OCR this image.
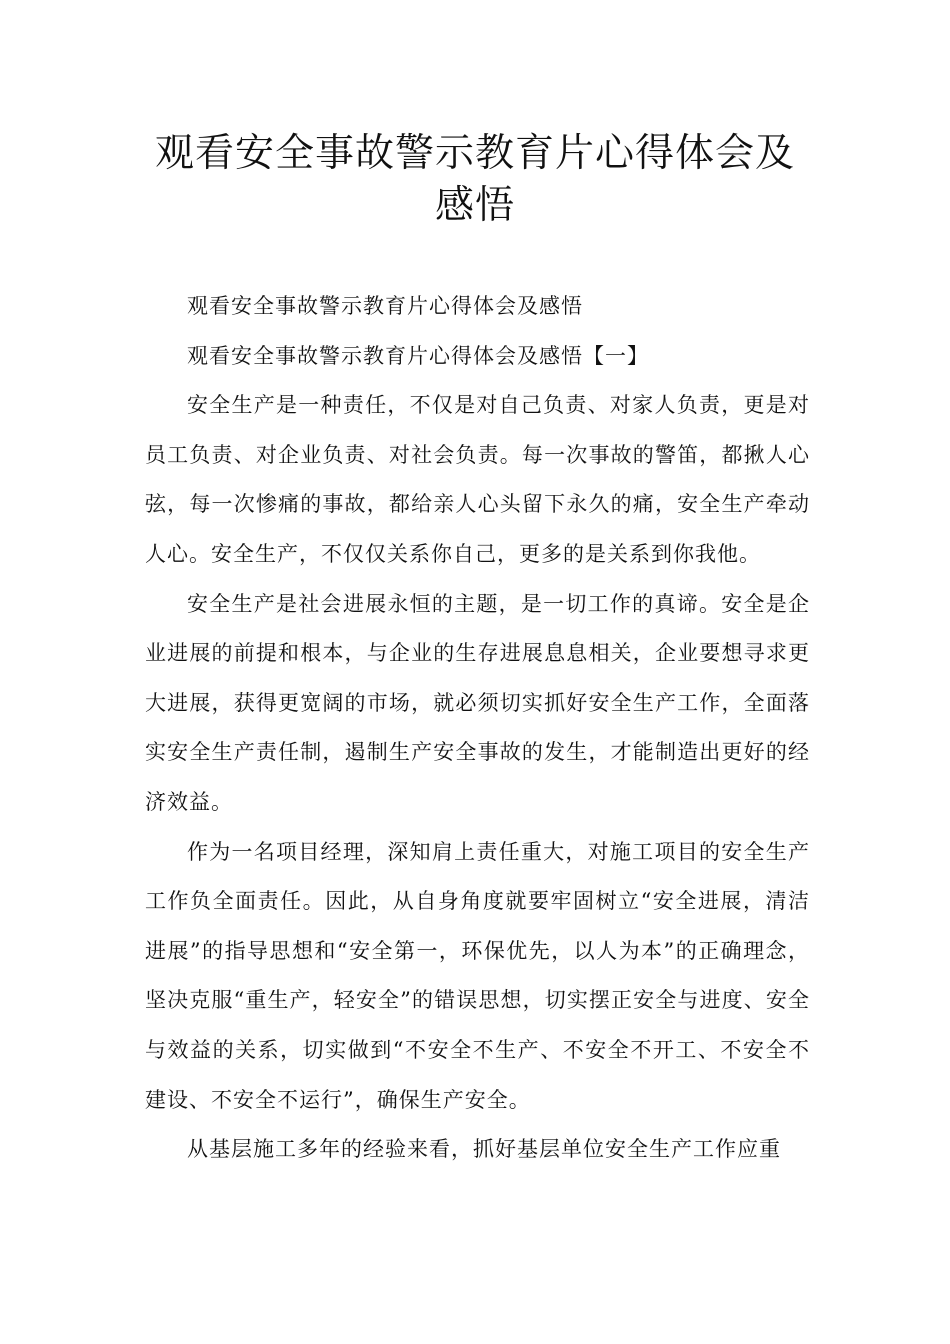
观看安全事故警示教育片心得体会及感悟

观看安全事故警示教育片心得体会及感悟

观看安全事故警示教育片心得体会及感悟【一】

安全生产是一种责任，不仅是对自己负责、对家人负责，更是对员工负责、对企业负责、对社会负责。每一次事故的警笛，都揪人心弦，每一次惨痛的事故，都给亲人心头留下永久的痛，安全生产牵动人心。安全生产，不仅仅关系你自己，更多的是关系到你我他。

安全生产是社会进展永恒的主题，是一切工作的真谛。安全是企业进展的前提和根本，与企业的生存进展息息相关，企业要想寻求更大进展，获得更宽阔的市场，就必须切实抓好安全生产工作，全面落实安全生产责任制，遏制生产安全事故的发生，才能制造出更好的经济效益。

作为一名项目经理，深知肩上责任重大，对施工项目的安全生产工作负全面责任。因此，从自身角度就要牢固树立“安全进展，清洁进展”的指导思想和“安全第一，环保优先，以人为本”的正确理念，坚决克服“重生产，轻安全”的错误思想，切实摆正安全与进度、安全与效益的关系，切实做到“不安全不生产、不安全不开工、不安全不建设、不安全不运行”，确保生产安全。

从基层施工多年的经验来看，抓好基层单位安全生产工作应重
